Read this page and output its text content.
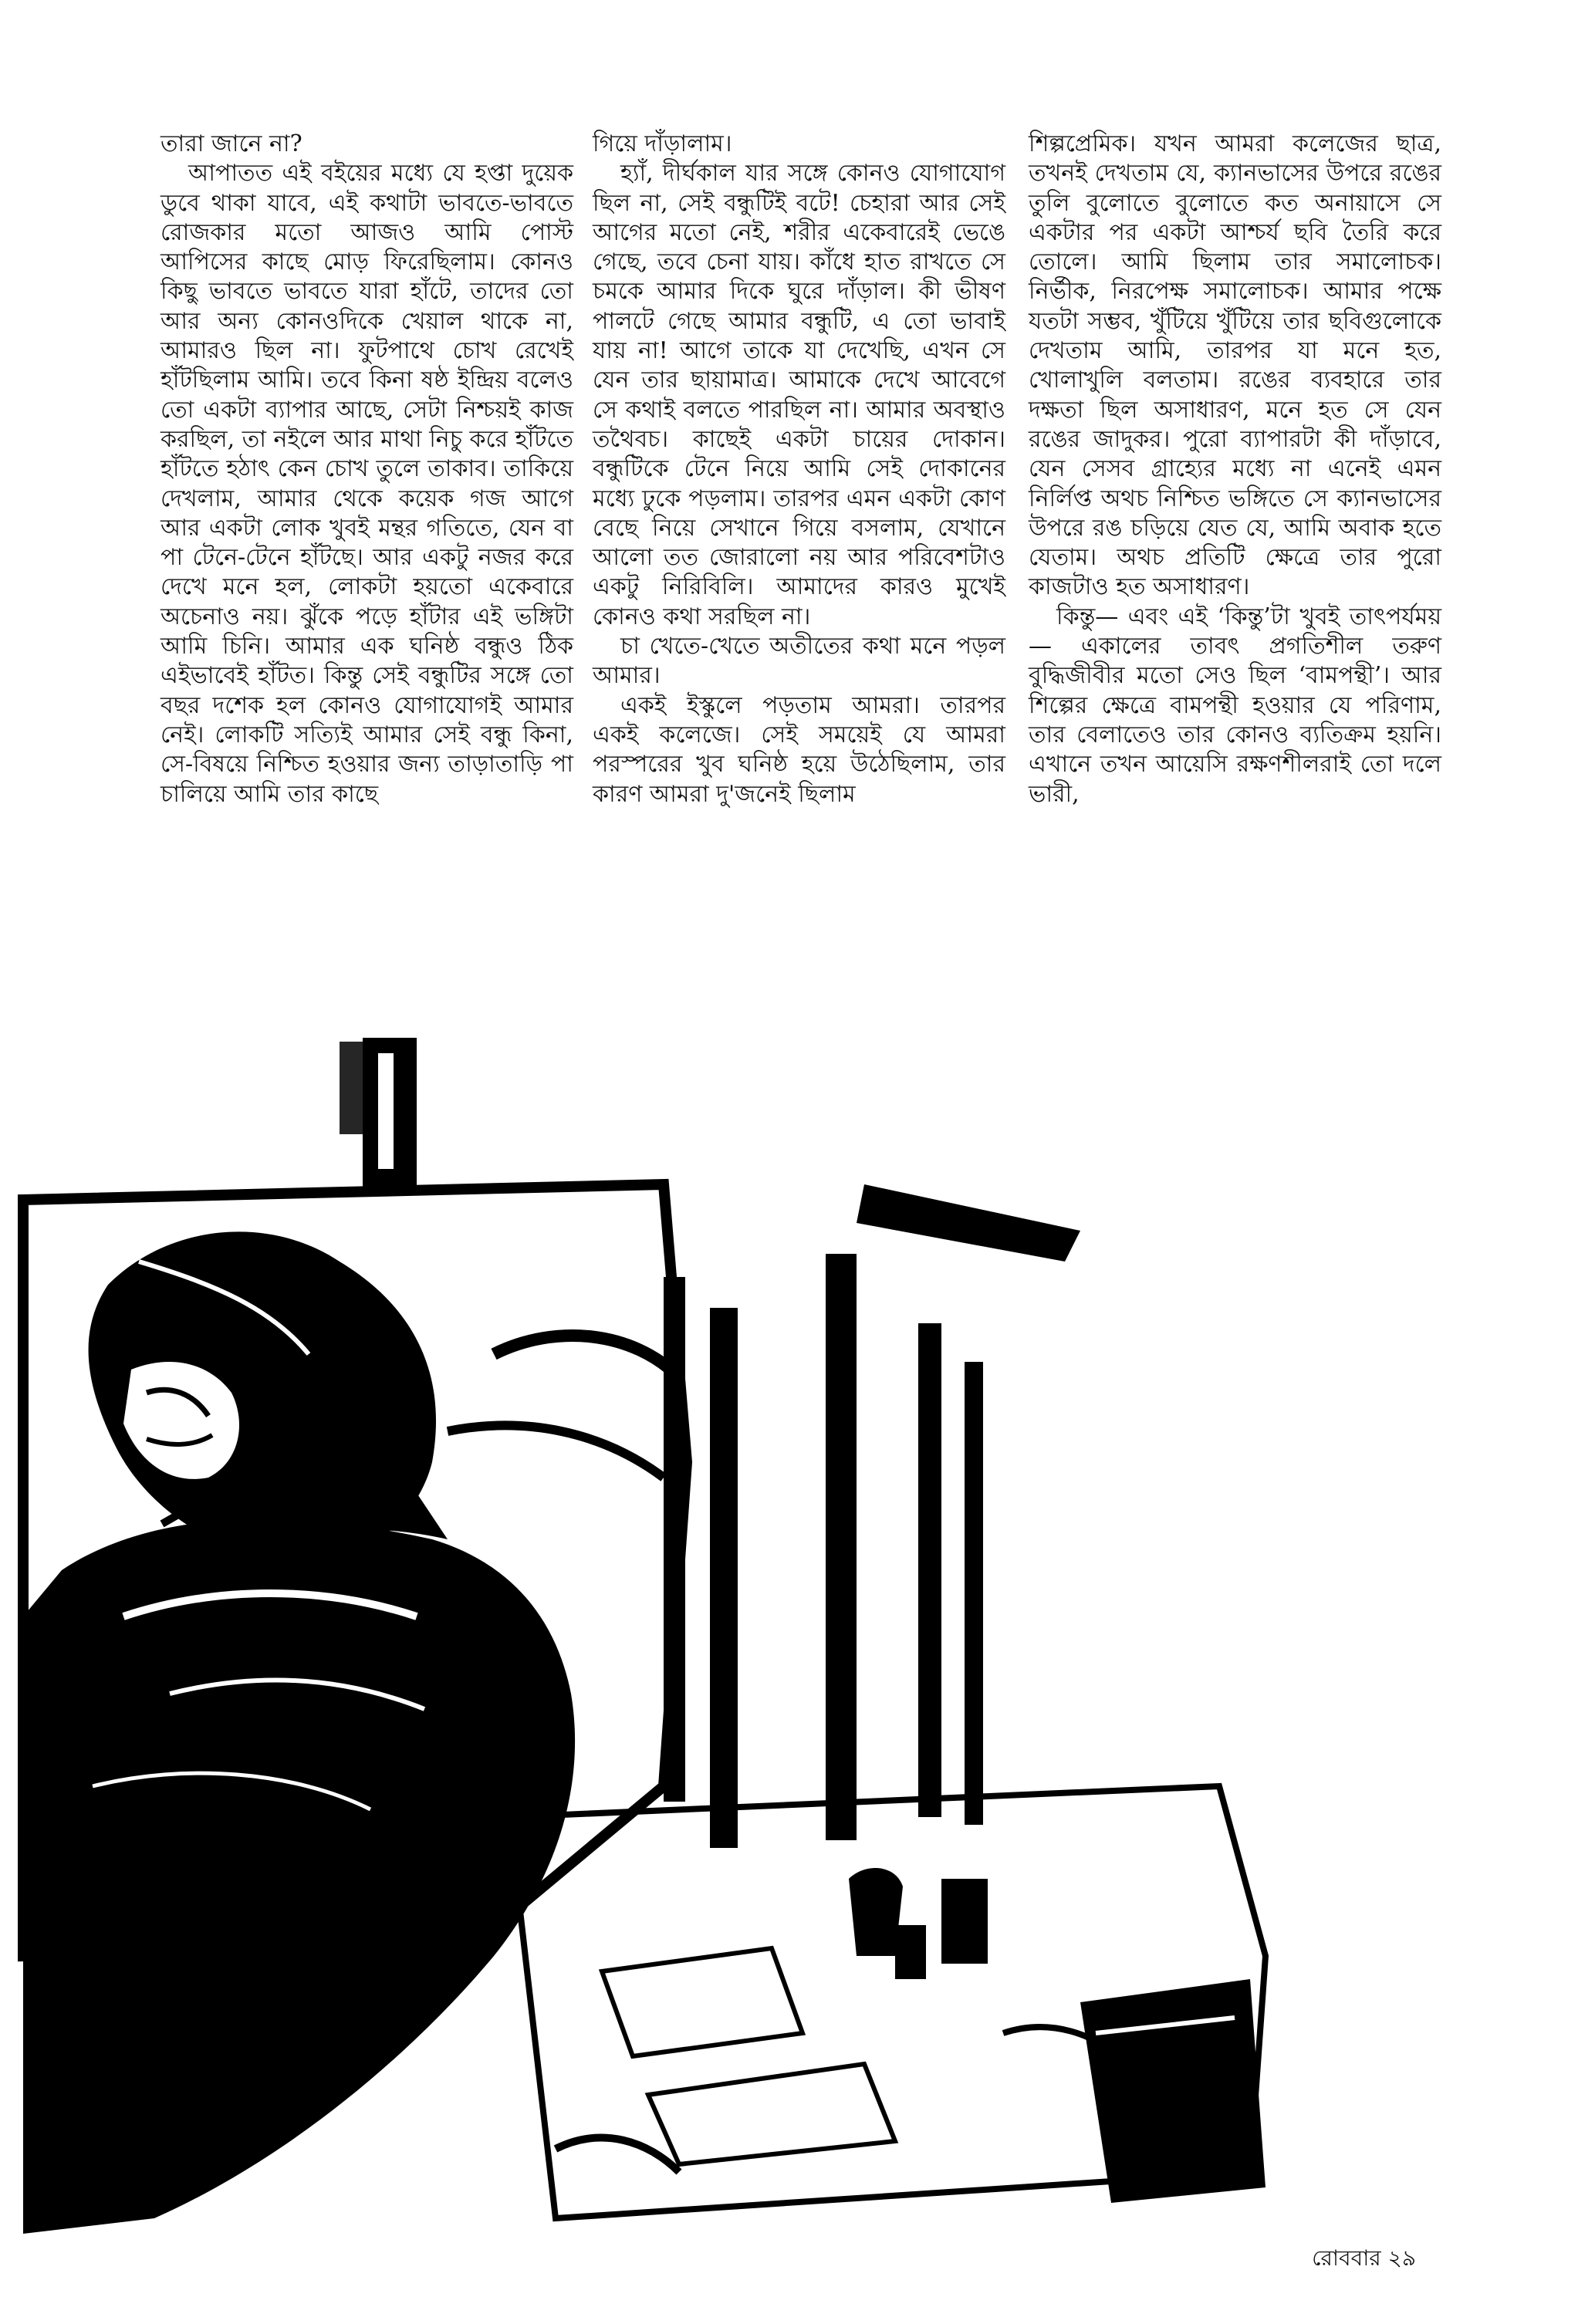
তারা জানে না?

আপাতত এই বইয়ের মধ্যে যে হপ্তা দুয়েক ডুবে থাকা যাবে, এই কথাটা ভাবতে-ভাবতে রোজকার মতো আজও আমি পোস্ট আপিসের কাছে মোড় ফিরেছিলাম। কোনও কিছু ভাবতে ভাবতে যারা হাঁটে, তাদের তো আর অন্য কোনওদিকে খেয়াল থাকে না, আমারও ছিল না। ফুটপাথে চোখ রেখেই হাঁটছিলাম আমি। তবে কিনা ষষ্ঠ ইন্দ্রিয় বলেও তো একটা ব্যাপার আছে, সেটা নিশ্চয়ই কাজ করছিল, তা নইলে আর মাথা নিচু করে হাঁটতে হাঁটতে হঠাৎ কেন চোখ তুলে তাকাব। তাকিয়ে দেখলাম, আমার থেকে কয়েক গজ আগে আর একটা লোক খুবই মন্থর গতিতে, যেন বা পা টেনে-টেনে হাঁটছে। আর একটু নজর করে দেখে মনে হল, লোকটা হয়তো একেবারে অচেনাও নয়। ঝুঁকে পড়ে হাঁটার এই ভঙ্গিটা আমি চিনি। আমার এক ঘনিষ্ঠ বন্ধুও ঠিক এইভাবেই হাঁটত। কিন্তু সেই বন্ধুটির সঙ্গে তো বছর দশেক হল কোনও যোগাযোগই আমার নেই। লোকটি সত্যিই আমার সেই বন্ধু কিনা, সে-বিষয়ে নিশ্চিত হওয়ার জন্য তাড়াতাড়ি পা চালিয়ে আমি তার কাছে

গিয়ে দাঁড়ালাম।

হ্যাঁ, দীর্ঘকাল যার সঙ্গে কোনও যোগাযোগ ছিল না, সেই বন্ধুটিই বটে! চেহারা আর সেই আগের মতো নেই, শরীর একেবারেই ভেঙে গেছে, তবে চেনা যায়। কাঁধে হাত রাখতে সে চমকে আমার দিকে ঘুরে দাঁড়াল। কী ভীষণ পালটে গেছে আমার বন্ধুটি, এ তো ভাবাই যায় না! আগে তাকে যা দেখেছি, এখন সে যেন তার ছায়ামাত্র। আমাকে দেখে আবেগে সে কথাই বলতে পারছিল না। আমার অবস্থাও তথৈবচ। কাছেই একটা চায়ের দোকান। বন্ধুটিকে টেনে নিয়ে আমি সেই দোকানের মধ্যে ঢুকে পড়লাম। তারপর এমন একটা কোণ বেছে নিয়ে সেখানে গিয়ে বসলাম, যেখানে আলো তত জোরালো নয় আর পরিবেশটাও একটু নিরিবিলি। আমাদের কারও মুখেই কোনও কথা সরছিল না।

চা খেতে-খেতে অতীতের কথা মনে পড়ল আমার।

একই ইস্কুলে পড়তাম আমরা। তারপর একই কলেজে। সেই সময়েই যে আমরা পরস্পরের খুব ঘনিষ্ঠ হয়ে উঠেছিলাম, তার কারণ আমরা দু'জনেই ছিলাম

শিল্পপ্রেমিক। যখন আমরা কলেজের ছাত্র, তখনই দেখতাম যে, ক্যানভাসের উপরে রঙের তুলি বুলোতে বুলোতে কত অনায়াসে সে একটার পর একটা আশ্চর্য ছবি তৈরি করে তোলে। আমি ছিলাম তার সমালোচক। নির্ভীক, নিরপেক্ষ সমালোচক। আমার পক্ষে যতটা সম্ভব, খুঁটিয়ে খুঁটিয়ে তার ছবিগুলোকে দেখতাম আমি, তারপর যা মনে হত, খোলাখুলি বলতাম। রঙের ব্যবহারে তার দক্ষতা ছিল অসাধারণ, মনে হত সে যেন রঙের জাদুকর। পুরো ব্যাপারটা কী দাঁড়াবে, যেন সেসব গ্রাহ্যের মধ্যে না এনেই এমন নির্লিপ্ত অথচ নিশ্চিত ভঙ্গিতে সে ক্যানভাসের উপরে রঙ চড়িয়ে যেত যে, আমি অবাক হতে যেতাম। অথচ প্রতিটি ক্ষেত্রে তার পুরো কাজটাও হত অসাধারণ।

কিন্তু— এবং এই ‘কিন্তু’টা খুবই তাৎপর্যময়— একালের তাবৎ প্রগতিশীল তরুণ বুদ্ধিজীবীর মতো সেও ছিল ‘বামপন্থী’। আর শিল্পের ক্ষেত্রে বামপন্থী হওয়ার যে পরিণাম, তার বেলাতেও তার কোনও ব্যতিক্রম হয়নি। এখানে তখন আয়েসি রক্ষণশীলরাই তো দলে ভারী,

রোববার ২৯
